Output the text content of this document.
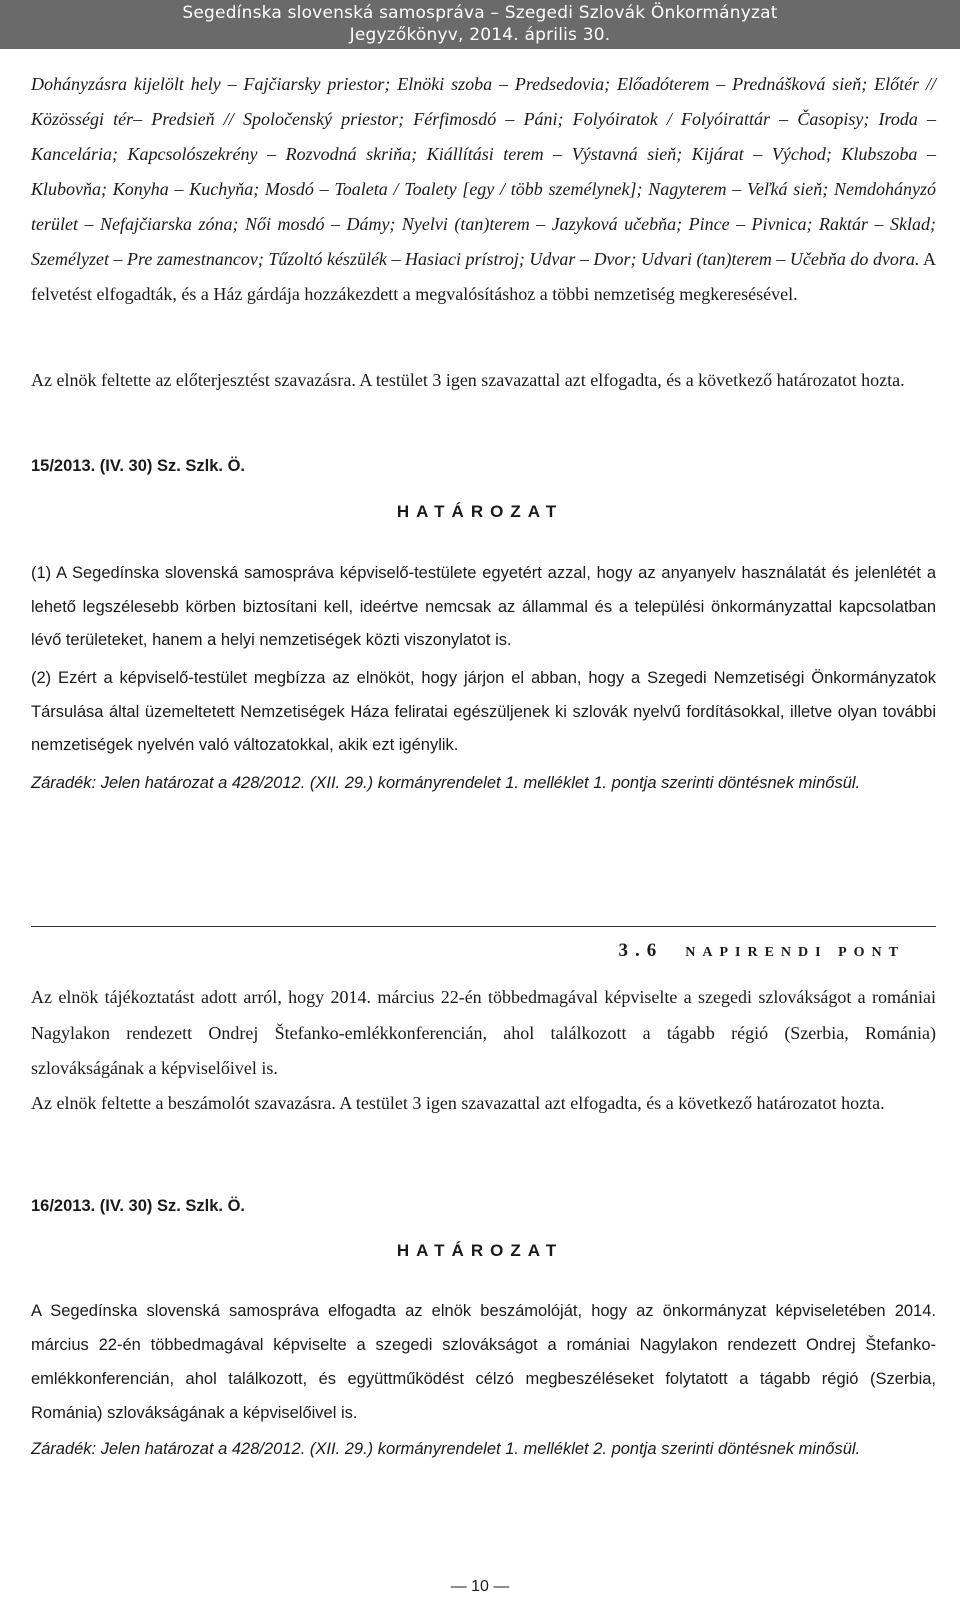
Segedínska slovenská samospráva – Szegedi Szlovák Önkormányzat
Jegyzőkönyv, 2014. április 30.
Dohányzásra kijelölt hely – Fajčiarsky priestor; Elnöki szoba – Predsedovia; Előadóterem – Prednášková sieň; Előtér // Közösségi tér– Predsieň // Spoločenský priestor; Férfimosdó – Páni; Folyóiratok / Folyóirattár – Časopisy; Iroda – Kancelária; Kapcsolószekrény – Rozvodná skriňa; Kiállítási terem – Výstavná sieň; Kijárat – Východ; Klubszoba – Klubovňa; Konyha – Kuchyňa; Mosdó – Toaleta / Toalety [egy / több személynek]; Nagyterem – Veľká sieň; Nemdohányzó terület – Nefajčiarska zóna; Női mosdó – Dámy; Nyelvi (tan)terem – Jazyková učebňa; Pince – Pivnica; Raktár – Sklad; Személyzet – Pre zamestnancov; Tűzoltó készülék – Hasiaci prístroj; Udvar – Dvor; Udvari (tan)terem – Učebňa do dvora. A felvetést elfogadták, és a Ház gárdája hozzákezdett a megvalósításhoz a többi nemzetiség megkeresésével.
Az elnök feltette az előterjesztést szavazásra. A testület 3 igen szavazattal azt elfogadta, és a következő határozatot hozta.
15/2013. (IV. 30) Sz. Szlk. Ö.
HATÁROZAT
(1) A Segedínska slovenská samospráva képviselő-testülete egyetért azzal, hogy az anyanyelv használatát és jelenlétét a lehető legszélesebb körben biztosítani kell, ideértve nemcsak az állammal és a települési önkormányzattal kapcsolatban lévő területeket, hanem a helyi nemzetiségek közti viszonylatot is.
(2) Ezért a képviselő-testület megbízza az elnököt, hogy járjon el abban, hogy a Szegedi Nemzetiségi Önkormányzatok Társulása által üzemeltetett Nemzetiségek Háza feliratai egészüljenek ki szlovák nyelvű fordításokkal, illetve olyan további nemzetiségek nyelvén való változatokkal, akik ezt igénylik.
Záradék: Jelen határozat a 428/2012. (XII. 29.) kormányrendelet 1. melléklet 1. pontja szerinti döntésnek minősül.
3.6 NAPIRENDI PONT
Az elnök tájékoztatást adott arról, hogy 2014. március 22-én többedmagával képviselte a szegedi szlovákságot a romániai Nagylakon rendezett Ondrej Štefanko-emlékkonferencián, ahol találkozott a tágabb régió (Szerbia, Románia) szlovákságának a képviselőivel is.
Az elnök feltette a beszámolót szavazásra. A testület 3 igen szavazattal azt elfogadta, és a következő határozatot hozta.
16/2013. (IV. 30) Sz. Szlk. Ö.
HATÁROZAT
A Segedínska slovenská samospráva elfogadta az elnök beszámolóját, hogy az önkormányzat képviseletében 2014. március 22-én többedmagával képviselte a szegedi szlovákságot a romániai Nagylakon rendezett Ondrej Štefanko-emlékkonferencián, ahol találkozott, és együttműködést célzó megbeszéléseket folytatott a tágabb régió (Szerbia, Románia) szlovákságának a képviselőivel is.
Záradék: Jelen határozat a 428/2012. (XII. 29.) kormányrendelet 1. melléklet 2. pontja szerinti döntésnek minősül.
— 10 —
